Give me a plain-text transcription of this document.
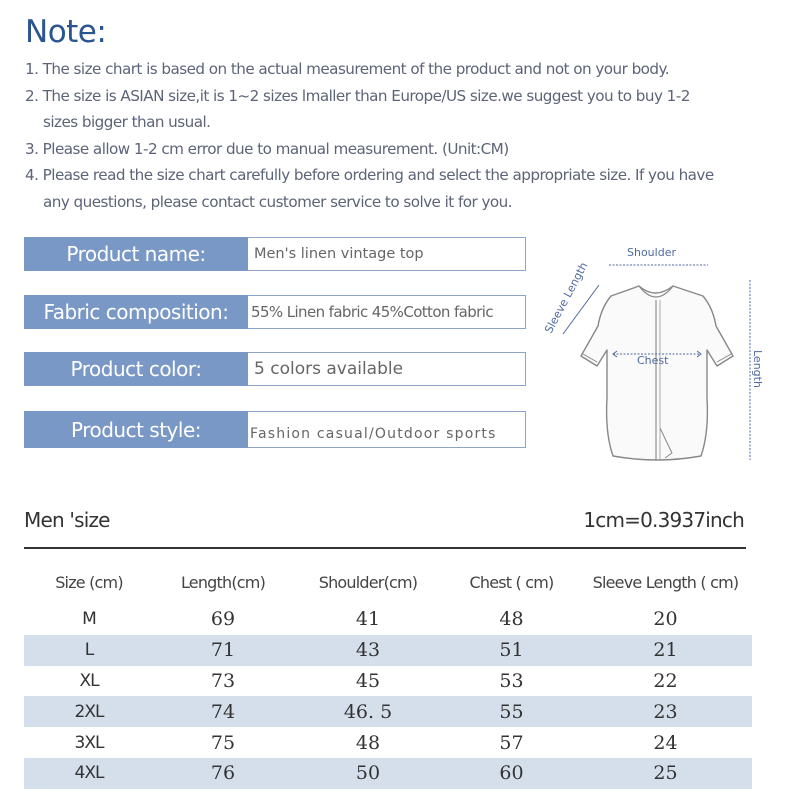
Note:
1. The size chart is based on the actual measurement of the product and not on your body.
2. The size is ASIAN size,it is 1~2 sizes lmaller than Europe/US size.we suggest you to buy 1-2
sizes bigger than usual.
3. Please allow 1-2 cm error due to manual measurement. (Unit:CM)
4. Please read the size chart carefully before ordering and select the appropriate size. If you have
any questions, please contact customer service to solve it for you.
Product name:	Men's linen vintage top
Fabric composition:	55% Linen fabric 45%Cotton fabric
Product color:	5 colors available
Product style:	Fashion casual/Outdoor sports
Shoulder
Sleeve Length
Length
Chest
Men 'size	1cm=0.3937inch
Size (cm)	Length(cm)	Shoulder(cm)	Chest ( cm)	Sleeve Length ( cm)
M	69	41	48	20
L	71	43	51	21
XL	73	45	53	22
2XL	74	46. 5	55	23
3XL	75	48	57	24
4XL	76	50	60	25
